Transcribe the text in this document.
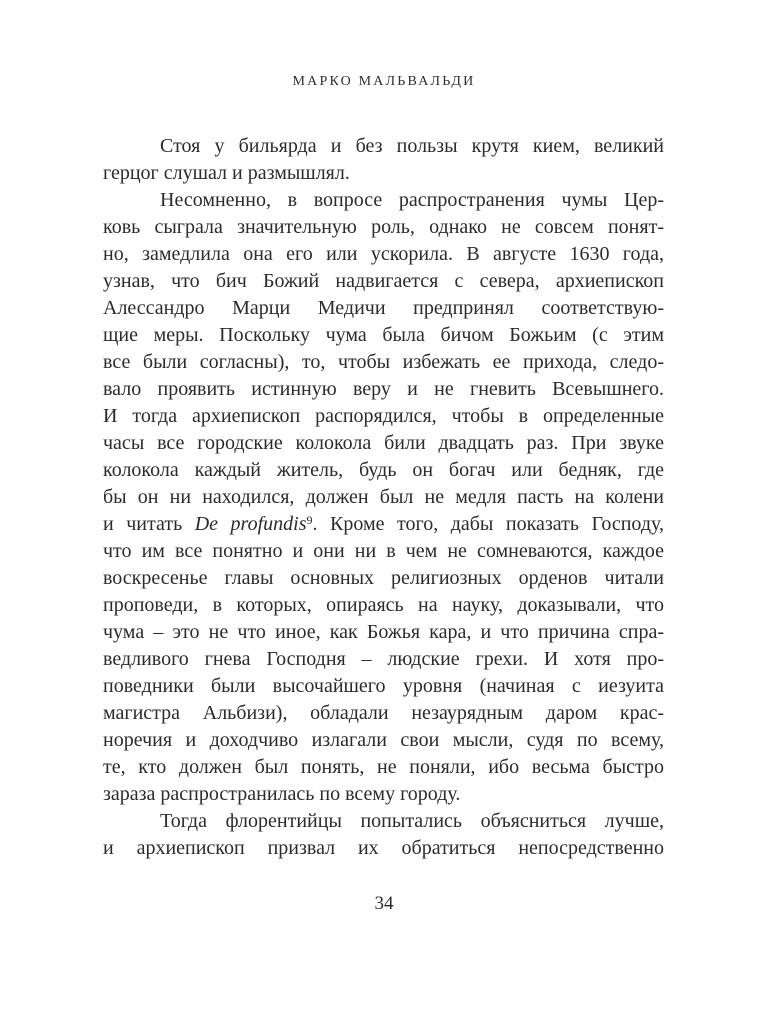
МАРКО МАЛЬВАЛЬДИ
Стоя у бильярда и без пользы крутя кием, великий
герцог слушал и размышлял.
Несомненно, в вопросе распространения чумы Цер-
ковь сыграла значительную роль, однако не совсем понят-
но, замедлила она его или ускорила. В августе 1630 года,
узнав, что бич Божий надвигается с севера, архиепископ
Алессандро Марци Медичи предпринял соответствую-
щие меры. Поскольку чума была бичом Божьим (с этим
все были согласны), то, чтобы избежать ее прихода, следо-
вало проявить истинную веру и не гневить Всевышнего.
И тогда архиепископ распорядился, чтобы в определенные
часы все городские колокола били двадцать раз. При звуке
колокола каждый житель, будь он богач или бедняк, где
бы он ни находился, должен был не медля пасть на колени
и читать De profundis$^9$. Кроме того, дабы показать Господу,
что им все понятно и они ни в чем не сомневаются, каждое
воскресенье главы основных религиозных орденов читали
проповеди, в которых, опираясь на науку, доказывали, что
чума – это не что иное, как Божья кара, и что причина спра-
ведливого гнева Господня – людские грехи. И хотя про-
поведники были высочайшего уровня (начиная с иезуита
магистра Альбизи), обладали незаурядным даром крас-
норечия и доходчиво излагали свои мысли, судя по всему,
те, кто должен был понять, не поняли, ибо весьма быстро
зараза распространилась по всему городу.
Тогда флорентийцы попытались объясниться лучше,
и архиепископ призвал их обратиться непосредственно
34
